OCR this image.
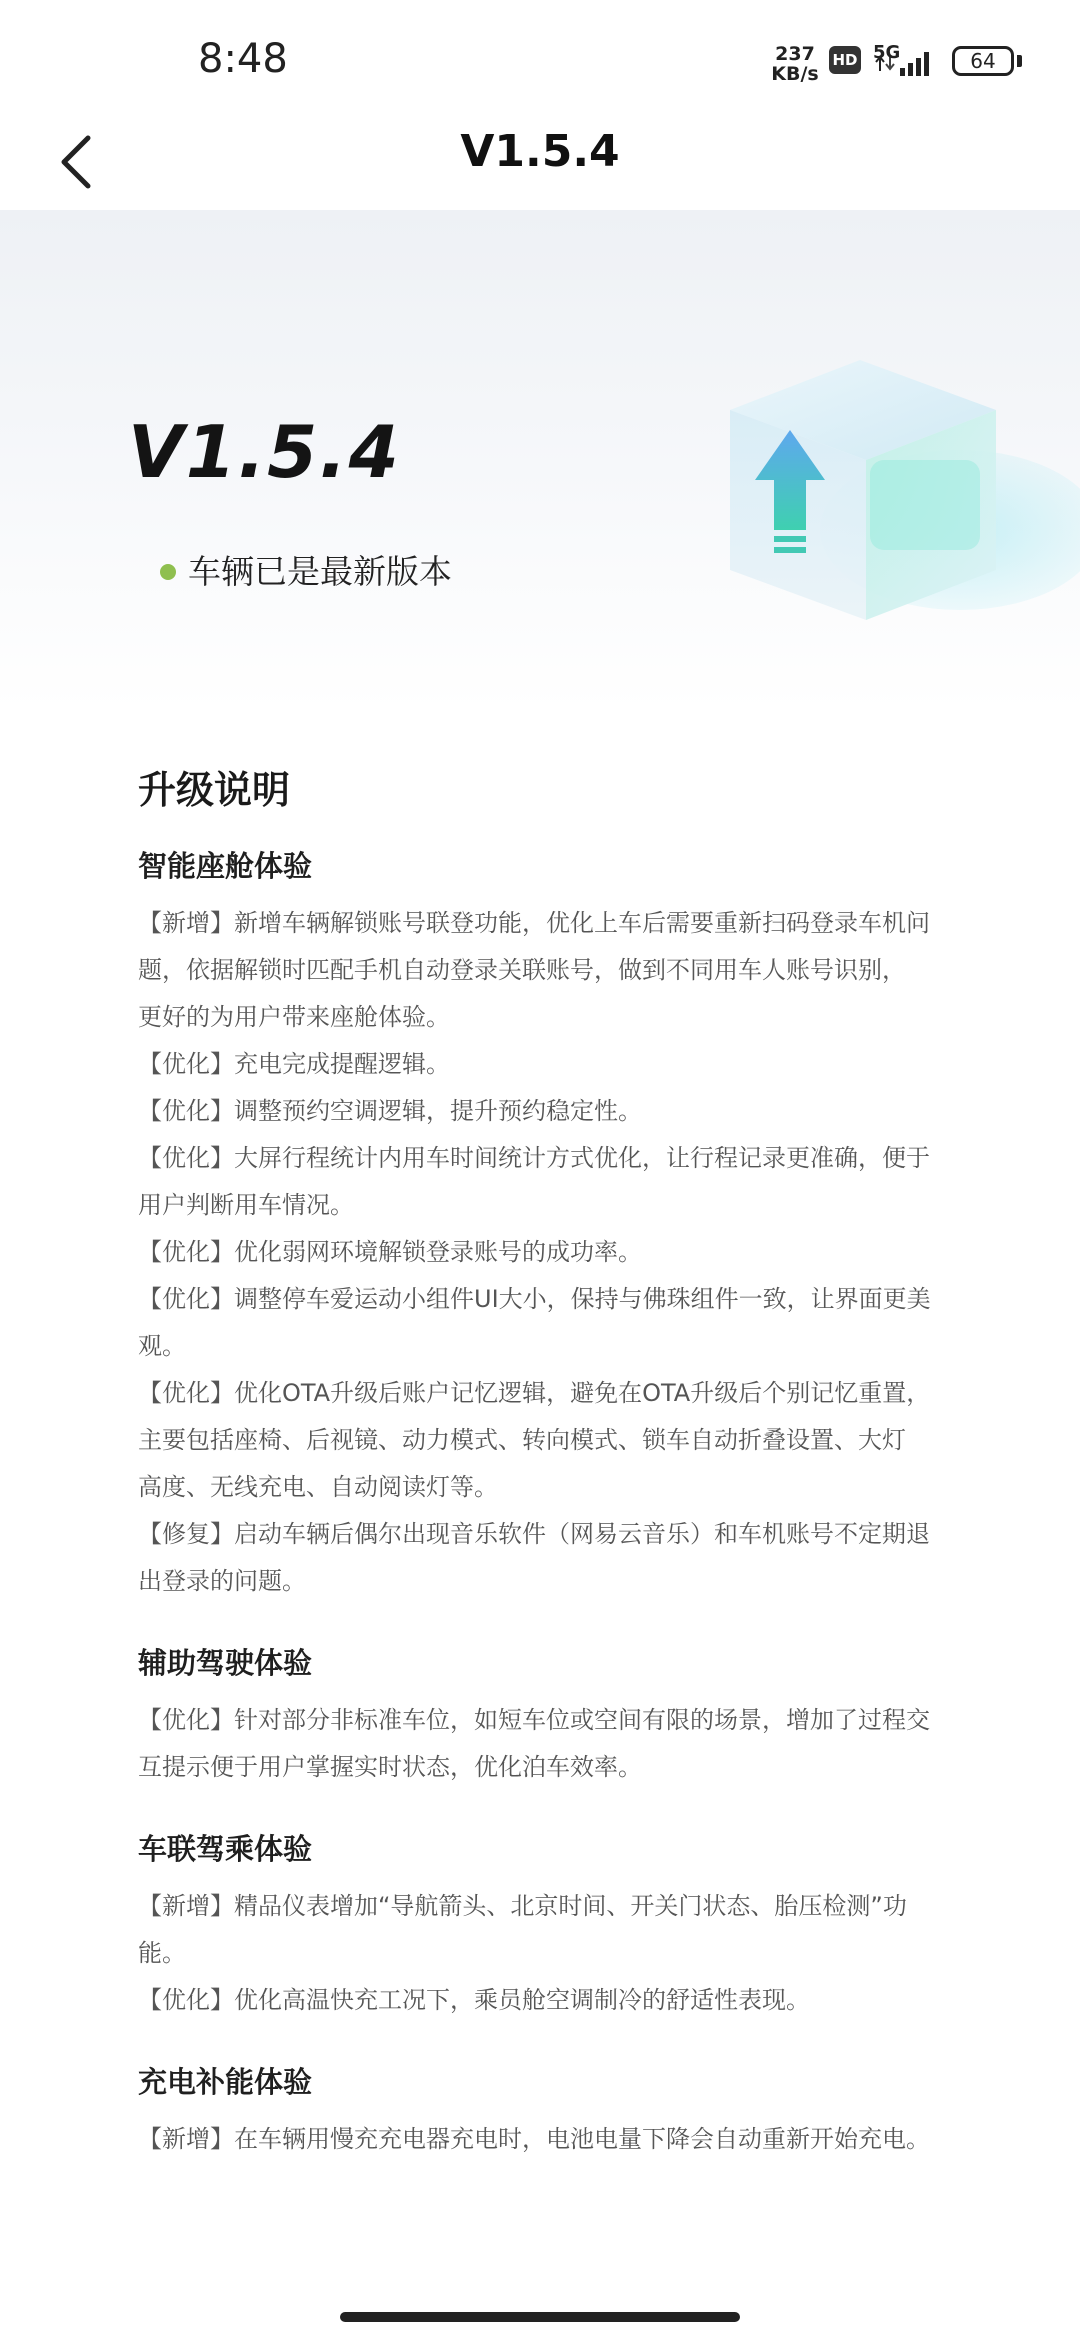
8:48	237
KB/s
HD 5G	64
V1.5.4
V1.5.4
车辆已是最新版本
升级说明
智能座舱体验
【新增】新增车辆解锁账号联登功能，优化上车后需要重新扫码登录车机问
题，依据解锁时匹配手机自动登录关联账号，做到不同用车人账号识别，
更好的为用户带来座舱体验。
【优化】充电完成提醒逻辑。
【优化】调整预约空调逻辑，提升预约稳定性。
【优化】大屏行程统计内用车时间统计方式优化，让行程记录更准确，便于
用户判断用车情况。
【优化】优化弱网环境解锁登录账号的成功率。
【优化】调整停车爱运动小组件UI大小，保持与佛珠组件一致，让界面更美
观。
【优化】优化OTA升级后账户记忆逻辑，避免在OTA升级后个别记忆重置，
主要包括座椅、后视镜、动力模式、转向模式、锁车自动折叠设置、大灯
高度、无线充电、自动阅读灯等。
【修复】启动车辆后偶尔出现音乐软件（网易云音乐）和车机账号不定期退
出登录的问题。
辅助驾驶体验
【优化】针对部分非标准车位，如短车位或空间有限的场景，增加了过程交
互提示便于用户掌握实时状态，优化泊车效率。
车联驾乘体验
【新增】精品仪表增加“导航箭头、北京时间、开关门状态、胎压检测”功
能。
【优化】优化高温快充工况下，乘员舱空调制冷的舒适性表现。
充电补能体验
【新增】在车辆用慢充充电器充电时，电池电量下降会自动重新开始充电。
